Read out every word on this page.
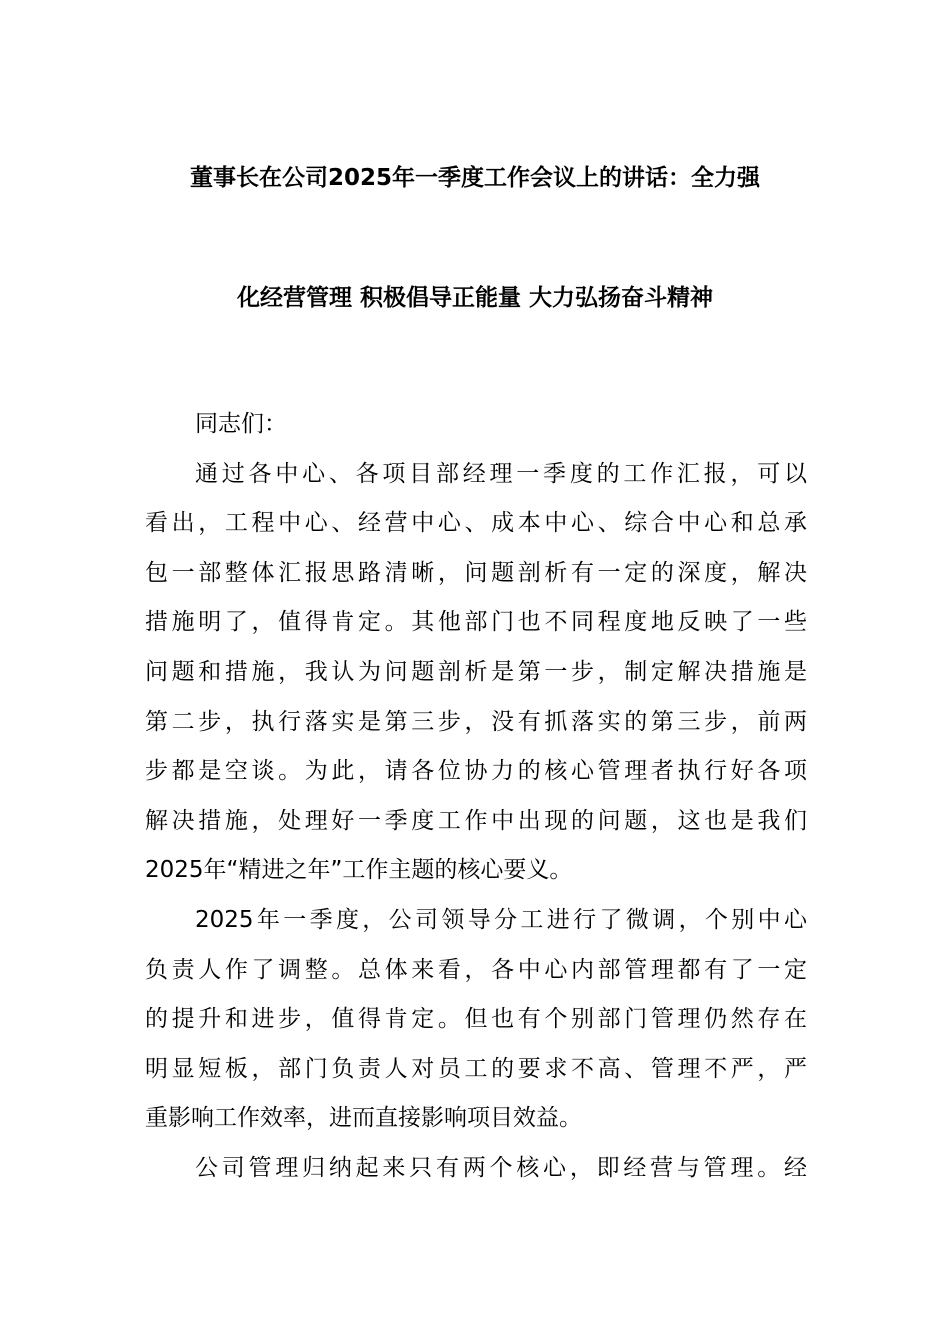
董事长在公司2025年一季度工作会议上的讲话：全力强
化经营管理 积极倡导正能量 大力弘扬奋斗精神
同志们：
通过各中心、各项目部经理一季度的工作汇报，可以
看出，工程中心、经营中心、成本中心、综合中心和总承
包一部整体汇报思路清晰，问题剖析有一定的深度，解决
措施明了，值得肯定。其他部门也不同程度地反映了一些
问题和措施，我认为问题剖析是第一步，制定解决措施是
第二步，执行落实是第三步，没有抓落实的第三步，前两
步都是空谈。为此，请各位协力的核心管理者执行好各项
解决措施，处理好一季度工作中出现的问题，这也是我们
2025年“精进之年”工作主题的核心要义。
2025年一季度，公司领导分工进行了微调，个别中心
负责人作了调整。总体来看，各中心内部管理都有了一定
的提升和进步，值得肯定。但也有个别部门管理仍然存在
明显短板，部门负责人对员工的要求不高、管理不严，严
重影响工作效率，进而直接影响项目效益。
公司管理归纳起来只有两个核心，即经营与管理。经
